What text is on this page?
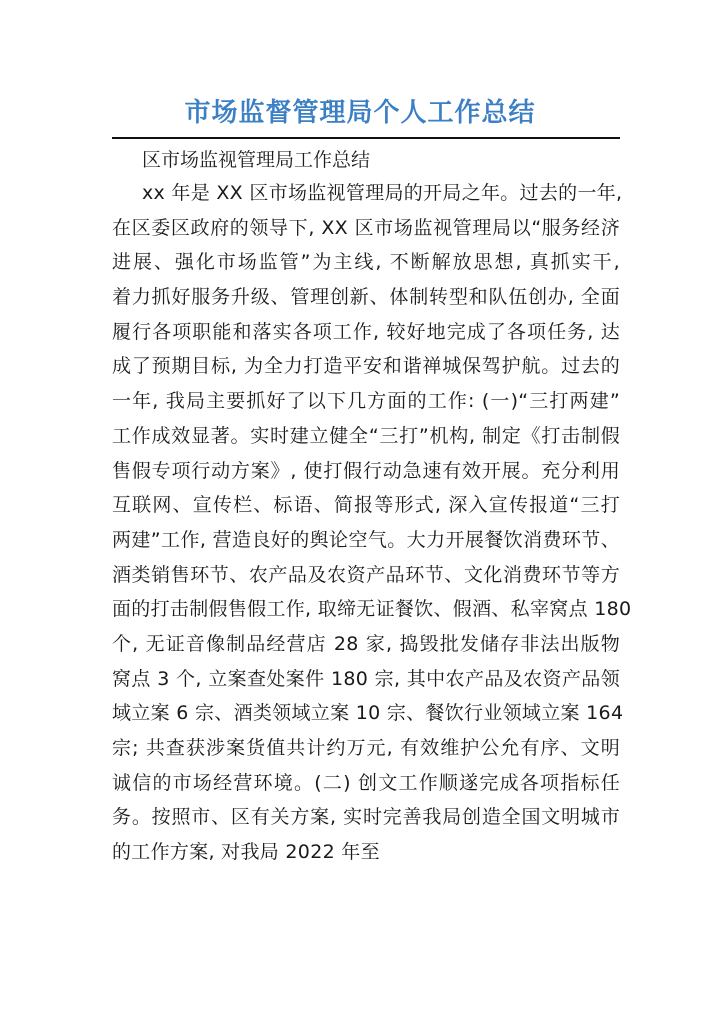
市场监督管理局个人工作总结
区市场监视管理局工作总结
xx 年是 XX 区市场监视管理局的开局之年。过去的一年,
在区委区政府的领导下, XX 区市场监视管理局以“服务经济
进展、强化市场监管”为主线, 不断解放思想, 真抓实干,
着力抓好服务升级、管理创新、体制转型和队伍创办, 全面
履行各项职能和落实各项工作, 较好地完成了各项任务, 达
成了预期目标, 为全力打造平安和谐禅城保驾护航。过去的
一年, 我局主要抓好了以下几方面的工作: (一)“三打两建”
工作成效显著。实时建立健全“三打”机构, 制定《打击制假
售假专项行动方案》, 使打假行动急速有效开展。充分利用
互联网、宣传栏、标语、简报等形式, 深入宣传报道“三打
两建”工作, 营造良好的舆论空气。大力开展餐饮消费环节、
酒类销售环节、农产品及农资产品环节、文化消费环节等方
面的打击制假售假工作, 取缔无证餐饮、假酒、私宰窝点 180
个, 无证音像制品经营店 28 家, 捣毁批发储存非法出版物
窝点 3 个, 立案查处案件 180 宗, 其中农产品及农资产品领
域立案 6 宗、酒类领域立案 10 宗、餐饮行业领域立案 164
宗; 共查获涉案货值共计约万元, 有效维护公允有序、文明
诚信的市场经营环境。(二) 创文工作顺遂完成各项指标任
务。按照市、区有关方案, 实时完善我局创造全国文明城市
的工作方案, 对我局 2022 年至
